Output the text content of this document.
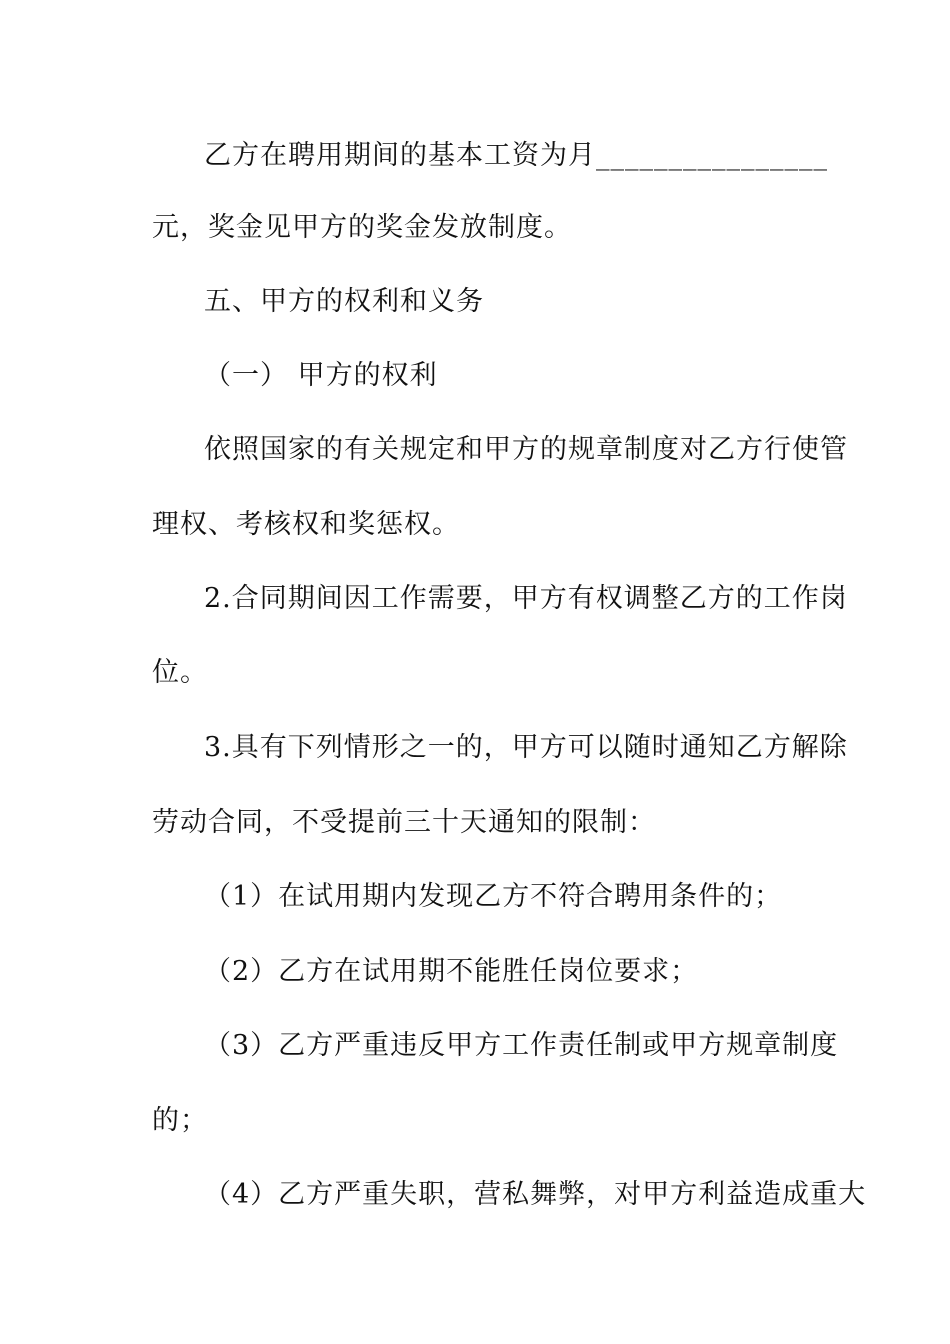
乙方在聘用期间的基本工资为月________________
元，奖金见甲方的奖金发放制度。
五、甲方的权利和义务
（一） 甲方的权利
依照国家的有关规定和甲方的规章制度对乙方行使管
理权、考核权和奖惩权。
2.合同期间因工作需要，甲方有权调整乙方的工作岗
位。
3.具有下列情形之一的，甲方可以随时通知乙方解除
劳动合同，不受提前三十天通知的限制：
（1）在试用期内发现乙方不符合聘用条件的；
（2）乙方在试用期不能胜任岗位要求；
（3）乙方严重违反甲方工作责任制或甲方规章制度
的；
（4）乙方严重失职，营私舞弊，对甲方利益造成重大
